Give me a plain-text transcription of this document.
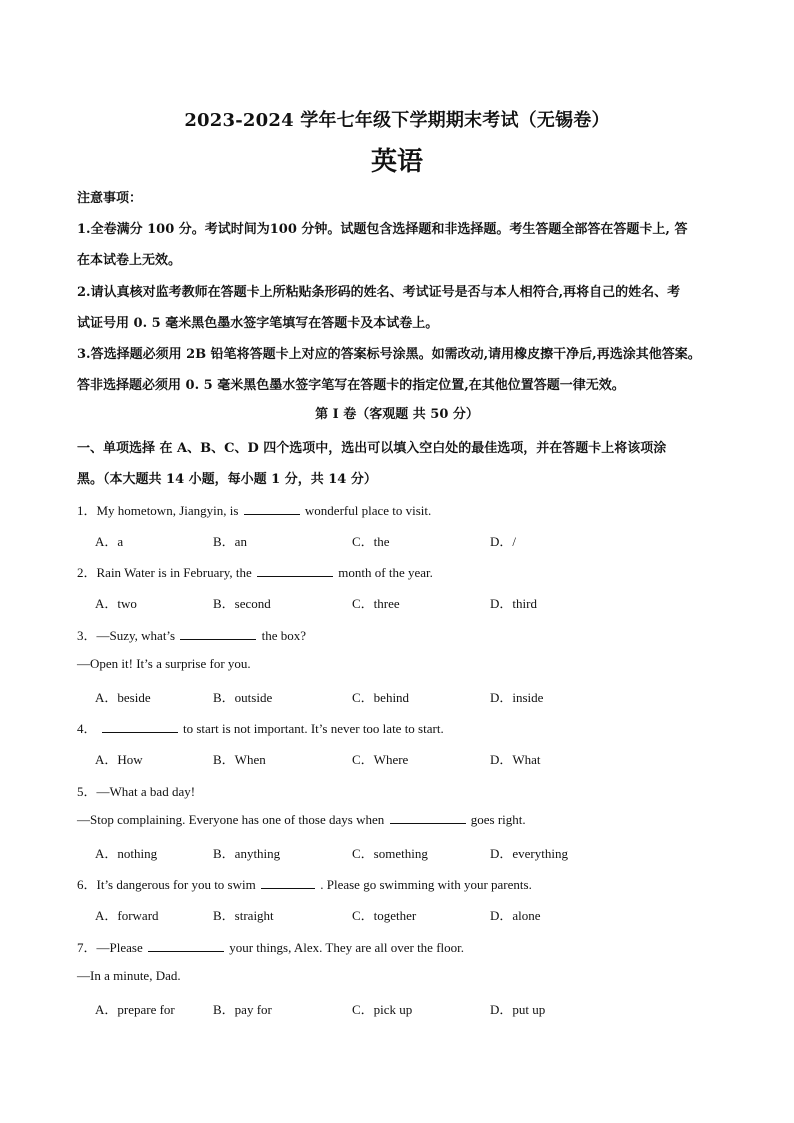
2023-2024 学年七年级下学期期末考试（无锡卷）
英语
注意事项：
1.全卷满分 100 分。考试时间为100 分钟。试题包含选择题和非选择题。考生答题全部答在答题卡上, 答
在本试卷上无效。
2.请认真核对监考教师在答题卡上所粘贴条形码的姓名、考试证号是否与本人相符合,再将自己的姓名、考
试证号用 0. 5 毫米黑色墨水签字笔填写在答题卡及本试卷上。
3.答选择题必须用 2B 铅笔将答题卡上对应的答案标号涂黑。如需改动,请用橡皮擦干净后,再选涂其他答案。
答非选择题必须用 0. 5 毫米黑色墨水签字笔写在答题卡的指定位置,在其他位置答题一律无效。
第 I 卷（客观题 共 50 分）
一、单项选择 在 A、B、C、D 四个选项中，选出可以填入空白处的最佳选项，并在答题卡上将该项涂
黑。（本大题共 14 小题，每小题 1 分，共 14 分）
1．My hometown, Jiangyin, is	wonderful place to visit.
A．a	B．an	C．the	D．/
2．Rain Water is in February, the	month of the year.
A．two	B．second	C．three	D．third
3．—Suzy, what’s	the box?
—Open it! It’s a surprise for you.
A．beside	B．outside	C．behind	D．inside
4．	to start is not important. It’s never too late to start.
A．How	B．When	C．Where	D．What
5．—What a bad day!
—Stop complaining. Everyone has one of those days when	goes right.
A．nothing	B．anything	C．something	D．everything
6．It’s dangerous for you to swim	. Please go swimming with your parents.
A．forward	B．straight	C．together	D．alone
7．—Please	your things, Alex. They are all over the floor.
—In a minute, Dad.
A．prepare for	B．pay for	C．pick up	D．put up
